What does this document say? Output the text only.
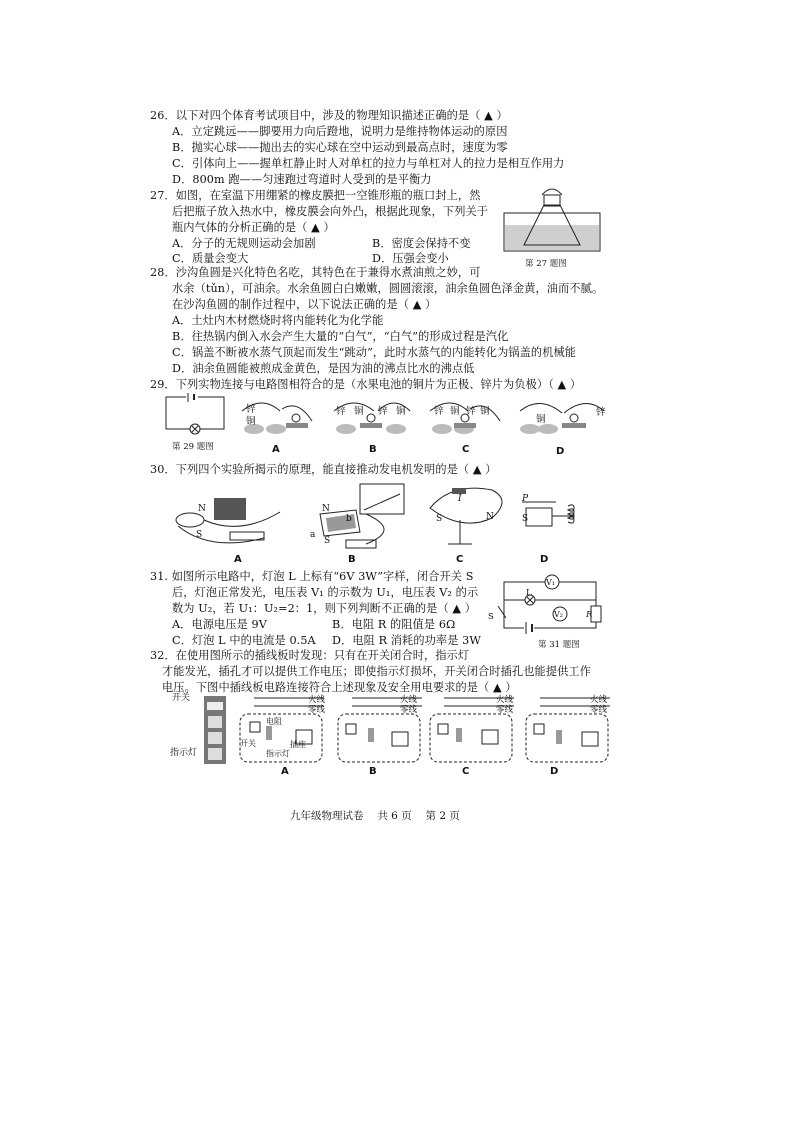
26．以下对四个体育考试项目中，涉及的物理知识描述正确的是（ ▲ ）
A．立定跳远——脚要用力向后蹬地，说明力是维持物体运动的原因
B．抛实心球——抛出去的实心球在空中运动到最高点时，速度为零
C．引体向上——握单杠静止时人对单杠的拉力与单杠对人的拉力是相互作用力
D．800m 跑——匀速跑过弯道时人受到的是平衡力
27．如图，在室温下用绷紧的橡皮膜把一空锥形瓶的瓶口封上，然
后把瓶子放入热水中，橡皮膜会向外凸，根据此现象，下列关于
瓶内气体的分析正确的是（ ▲ ）
A．分子的无规则运动会加剧	B．密度会保持不变
C．质量会变大	D．压强会变小	第 27 题图
28．沙沟鱼圆是兴化特色名吃，其特色在于兼得水煮油煎之妙，可
水余（tǔn），可油余。水余鱼圆白白嫩嫩，圆圆滚滚，油余鱼圆色泽金黄，油而不腻。
在沙沟鱼圆的制作过程中，以下说法正确的是（ ▲ ）
A．土灶内木材燃烧时将内能转化为化学能
B．往热锅内倒入水会产生大量的“白气”，“白气”的形成过程是汽化
C．锅盖不断被水蒸气顶起而发生“跳动”，此时水蒸气的内能转化为锅盖的机械能
D．油余鱼圆能被煎成金黄色，是因为油的沸点比水的沸点低
29．下列实物连接与电路图相符合的是（水果电池的铜片为正极、锌片为负极）（ ▲ ）
第 29 题图
锌
铜
锌 铜 锌 铜	锌 铜 锌 铜
铜
锌
A	B	C	D
30．下列四个实验所揭示的原理，能直接推动发电机发明的是（ ▲ ）
N
S
N
b
a
S
I
S	N
P
S
A	B	C	D
31. 如图所示电路中，灯泡 L 上标有“6V 3W”字样，闭合开关 S
后，灯泡正常发光，电压表 V₁ 的示数为 U₁，电压表 V₂ 的示
数为 U₂，若 U₁：U₂=2：1，则下列判断不正确的是（ ▲ ）
A．电源电压是 9V	B．电阻 R 的阻值是 6Ω
C．灯泡 L 中的电流是 0.5A D．电阻 R 消耗的功率是 3W
V₁
V₂
L
R
S
第 31 题图
32．在使用图所示的插线板时发现：只有在开关闭合时，指示灯
才能发光，插孔才可以提供工作电压；即使指示灯损坏，开关闭合时插孔也能提供工作
电压。下图中插线板电路连接符合上述现象及安全用电要求的是（ ▲ ）
开关
指示灯
火线
零线
火线
零线
火线
零线
火线
零线
电阻
开关	插座
指示灯
A	B	C	D
九年级物理试卷　 共 6 页　 第 2 页
